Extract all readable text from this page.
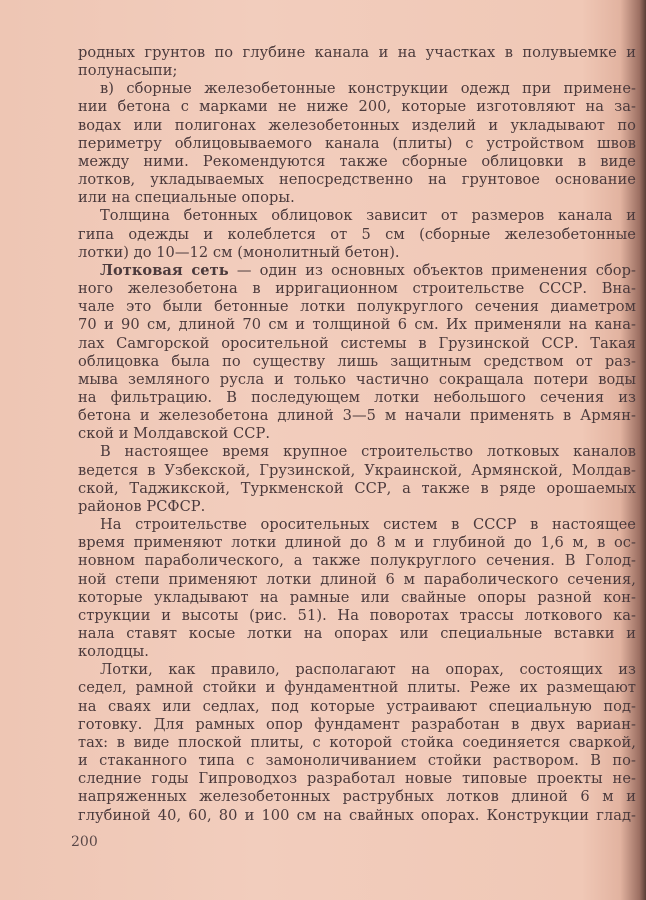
родных грунтов по глубине канала и на участках в полувыемке и
полунасыпи;
в) сборные железобетонные конструкции одежд при примене-
нии бетона с марками не ниже 200, которые изготовляют на за-
водах или полигонах железобетонных изделий и укладывают по
периметру облицовываемого канала (плиты) с устройством швов
между ними. Рекомендуются также сборные облицовки в виде
лотков, укладываемых непосредственно на грунтовое основание
или на специальные опоры.
Толщина бетонных облицовок зависит от размеров канала и
гипа одежды и колеблется от 5 см (сборные железобетонные
лотки) до 10—12 см (монолитный бетон).
Лотковая сеть — один из основных объектов применения сбор-
ного железобетона в ирригационном строительстве СССР. Вна-
чале это были бетонные лотки полукруглого сечения диаметром
70 и 90 см, длиной 70 см и толщиной 6 см. Их применяли на кана-
лах Самгорской оросительной системы в Грузинской ССР. Такая
облицовка была по существу лишь защитным средством от раз-
мыва земляного русла и только частично сокращала потери воды
на фильтрацию. В последующем лотки небольшого сечения из
бетона и железобетона длиной 3—5 м начали применять в Армян-
ской и Молдавской ССР.
В настоящее время крупное строительство лотковых каналов
ведется в Узбекской, Грузинской, Украинской, Армянской, Молдав-
ской, Таджикской, Туркменской ССР, а также в ряде орошаемых
районов РСФСР.
На строительстве оросительных систем в СССР в настоящее
время применяют лотки длиной до 8 м и глубиной до 1,6 м, в ос-
новном параболического, а также полукруглого сечения. В Голод-
ной степи применяют лотки длиной 6 м параболического сечения,
которые укладывают на рамные или свайные опоры разной кон-
струкции и высоты (рис. 51). На поворотах трассы лоткового ка-
нала ставят косые лотки на опорах или специальные вставки и
колодцы.
Лотки, как правило, располагают на опорах, состоящих из
седел, рамной стойки и фундаментной плиты. Реже их размещают
на сваях или седлах, под которые устраивают специальную под-
готовку. Для рамных опор фундамент разработан в двух вариан-
тах: в виде плоской плиты, с которой стойка соединяется сваркой,
и стаканного типа с замоноличиванием стойки раствором. В по-
следние годы Гипроводхоз разработал новые типовые проекты не-
напряженных железобетонных раструбных лотков длиной 6 м и
глубиной 40, 60, 80 и 100 см на свайных опорах. Конструкции глад-
200
